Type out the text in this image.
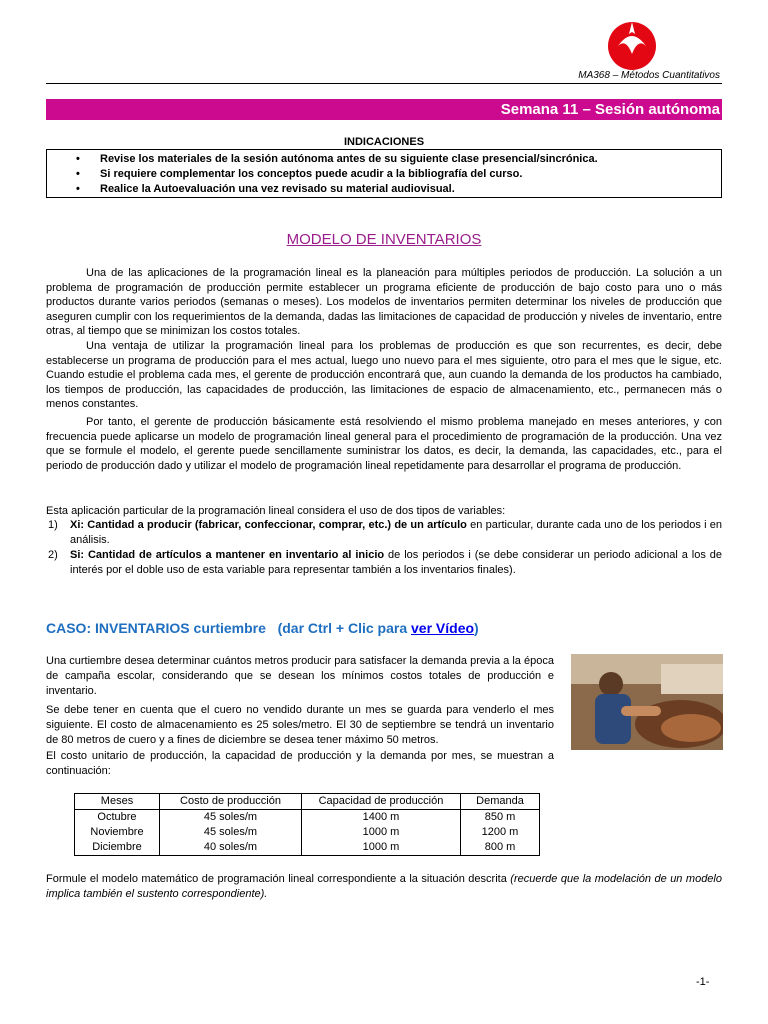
MA368 – Métodos Cuantitativos
Semana 11 – Sesión autónoma
INDICACIONES
• Revise los materiales de la sesión autónoma antes de su siguiente clase presencial/sincrónica.
• Si requiere complementar los conceptos puede acudir a la bibliografía del curso.
• Realice la Autoevaluación una vez revisado su material audiovisual.
MODELO DE INVENTARIOS
Una de las aplicaciones de la programación lineal es la planeación para múltiples periodos de producción. La solución a un problema de programación de producción permite establecer un programa eficiente de producción de bajo costo para uno o más productos durante varios periodos (semanas o meses). Los modelos de inventarios permiten determinar los niveles de producción que aseguren cumplir con los requerimientos de la demanda, dadas las limitaciones de capacidad de producción y niveles de inventario, entre otras, al tiempo que se minimizan los costos totales.
Una ventaja de utilizar la programación lineal para los problemas de producción es que son recurrentes, es decir, debe establecerse un programa de producción para el mes actual, luego uno nuevo para el mes siguiente, otro para el mes que le sigue, etc. Cuando estudie el problema cada mes, el gerente de producción encontrará que, aun cuando la demanda de los productos ha cambiado, los tiempos de producción, las capacidades de producción, las limitaciones de espacio de almacenamiento, etc., permanecen más o menos constantes.
Por tanto, el gerente de producción básicamente está resolviendo el mismo problema manejado en meses anteriores, y con frecuencia puede aplicarse un modelo de programación lineal general para el procedimiento de programación de la producción. Una vez que se formule el modelo, el gerente puede sencillamente suministrar los datos, es decir, la demanda, las capacidades, etc., para el periodo de producción dado y utilizar el modelo de programación lineal repetidamente para desarrollar el programa de producción.
Esta aplicación particular de la programación lineal considera el uso de dos tipos de variables:
1) Xi: Cantidad a producir (fabricar, confeccionar, comprar, etc.) de un artículo en particular, durante cada uno de los periodos i en análisis.
2) Si: Cantidad de artículos a mantener en inventario al inicio de los periodos i (se debe considerar un periodo adicional a los de interés por el doble uso de esta variable para representar también a los inventarios finales).
CASO: INVENTARIOS curtiembre (dar Ctrl + Clic para ver Vídeo)
Una curtiembre desea determinar cuántos metros producir para satisfacer la demanda previa a la época de campaña escolar, considerando que se desean los mínimos costos totales de producción e inventario.
Se debe tener en cuenta que el cuero no vendido durante un mes se guarda para venderlo el mes siguiente. El costo de almacenamiento es 25 soles/metro. El 30 de septiembre se tendrá un inventario de 80 metros de cuero y a fines de diciembre se desea tener máximo 50 metros.
El costo unitario de producción, la capacidad de producción y la demanda por mes, se muestran a continuación:
Meses	Costo de producción	Capacidad de producción	Demanda
Octubre	45 soles/m	1400 m	850 m
Noviembre	45 soles/m	1000 m	1200 m
Diciembre	40 soles/m	1000 m	800 m
Formule el modelo matemático de programación lineal correspondiente a la situación descrita (recuerde que la modelación de un modelo implica también el sustento correspondiente).
-1-
